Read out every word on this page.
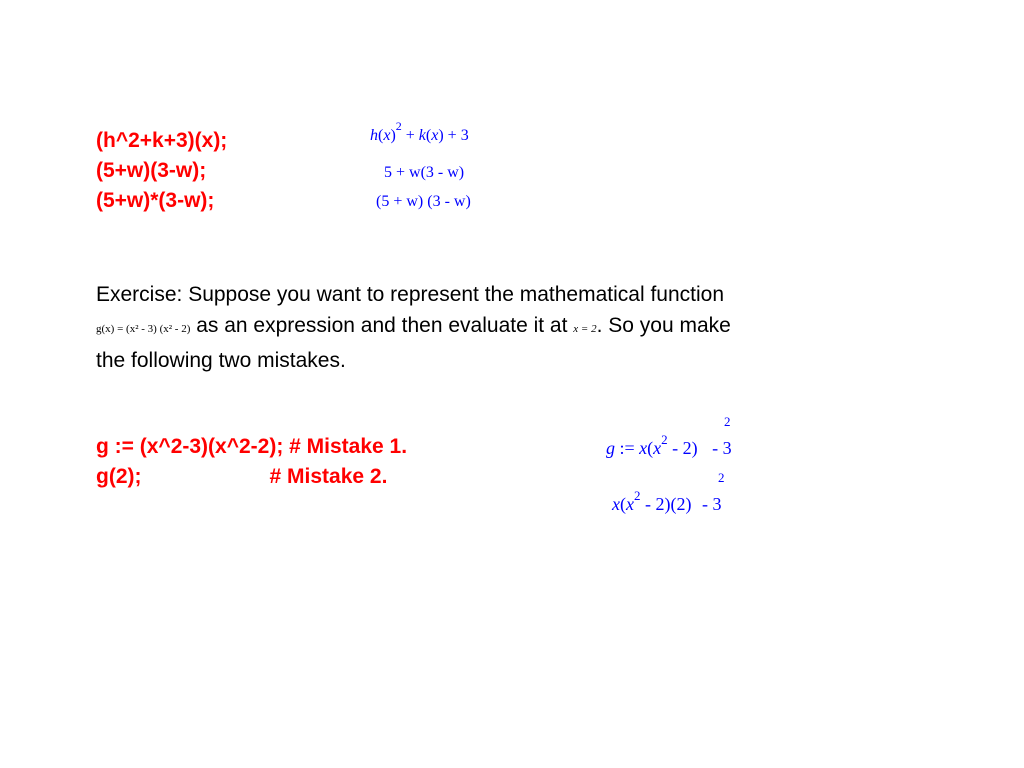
(h^2+k+3)(x);
(5+w)(3-w);
(5+w)*(3-w);
$h(x)^2 + k(x) + 3$
5 + w(3 - w)
(5 + w) (3 - w)
Exercise: Suppose you want to represent the mathematical function
g(x) = (x² - 3) (x² - 2) as an expression and then evaluate it at x = 2. So you make
the following two mistakes.
g := (x^2-3)(x^2-2); # Mistake 1.
g(2);	# Mistake 2.
2
g := $x(x^2 - 2) - 3$
2
$x(x^2 - 2)(2) - 3$
